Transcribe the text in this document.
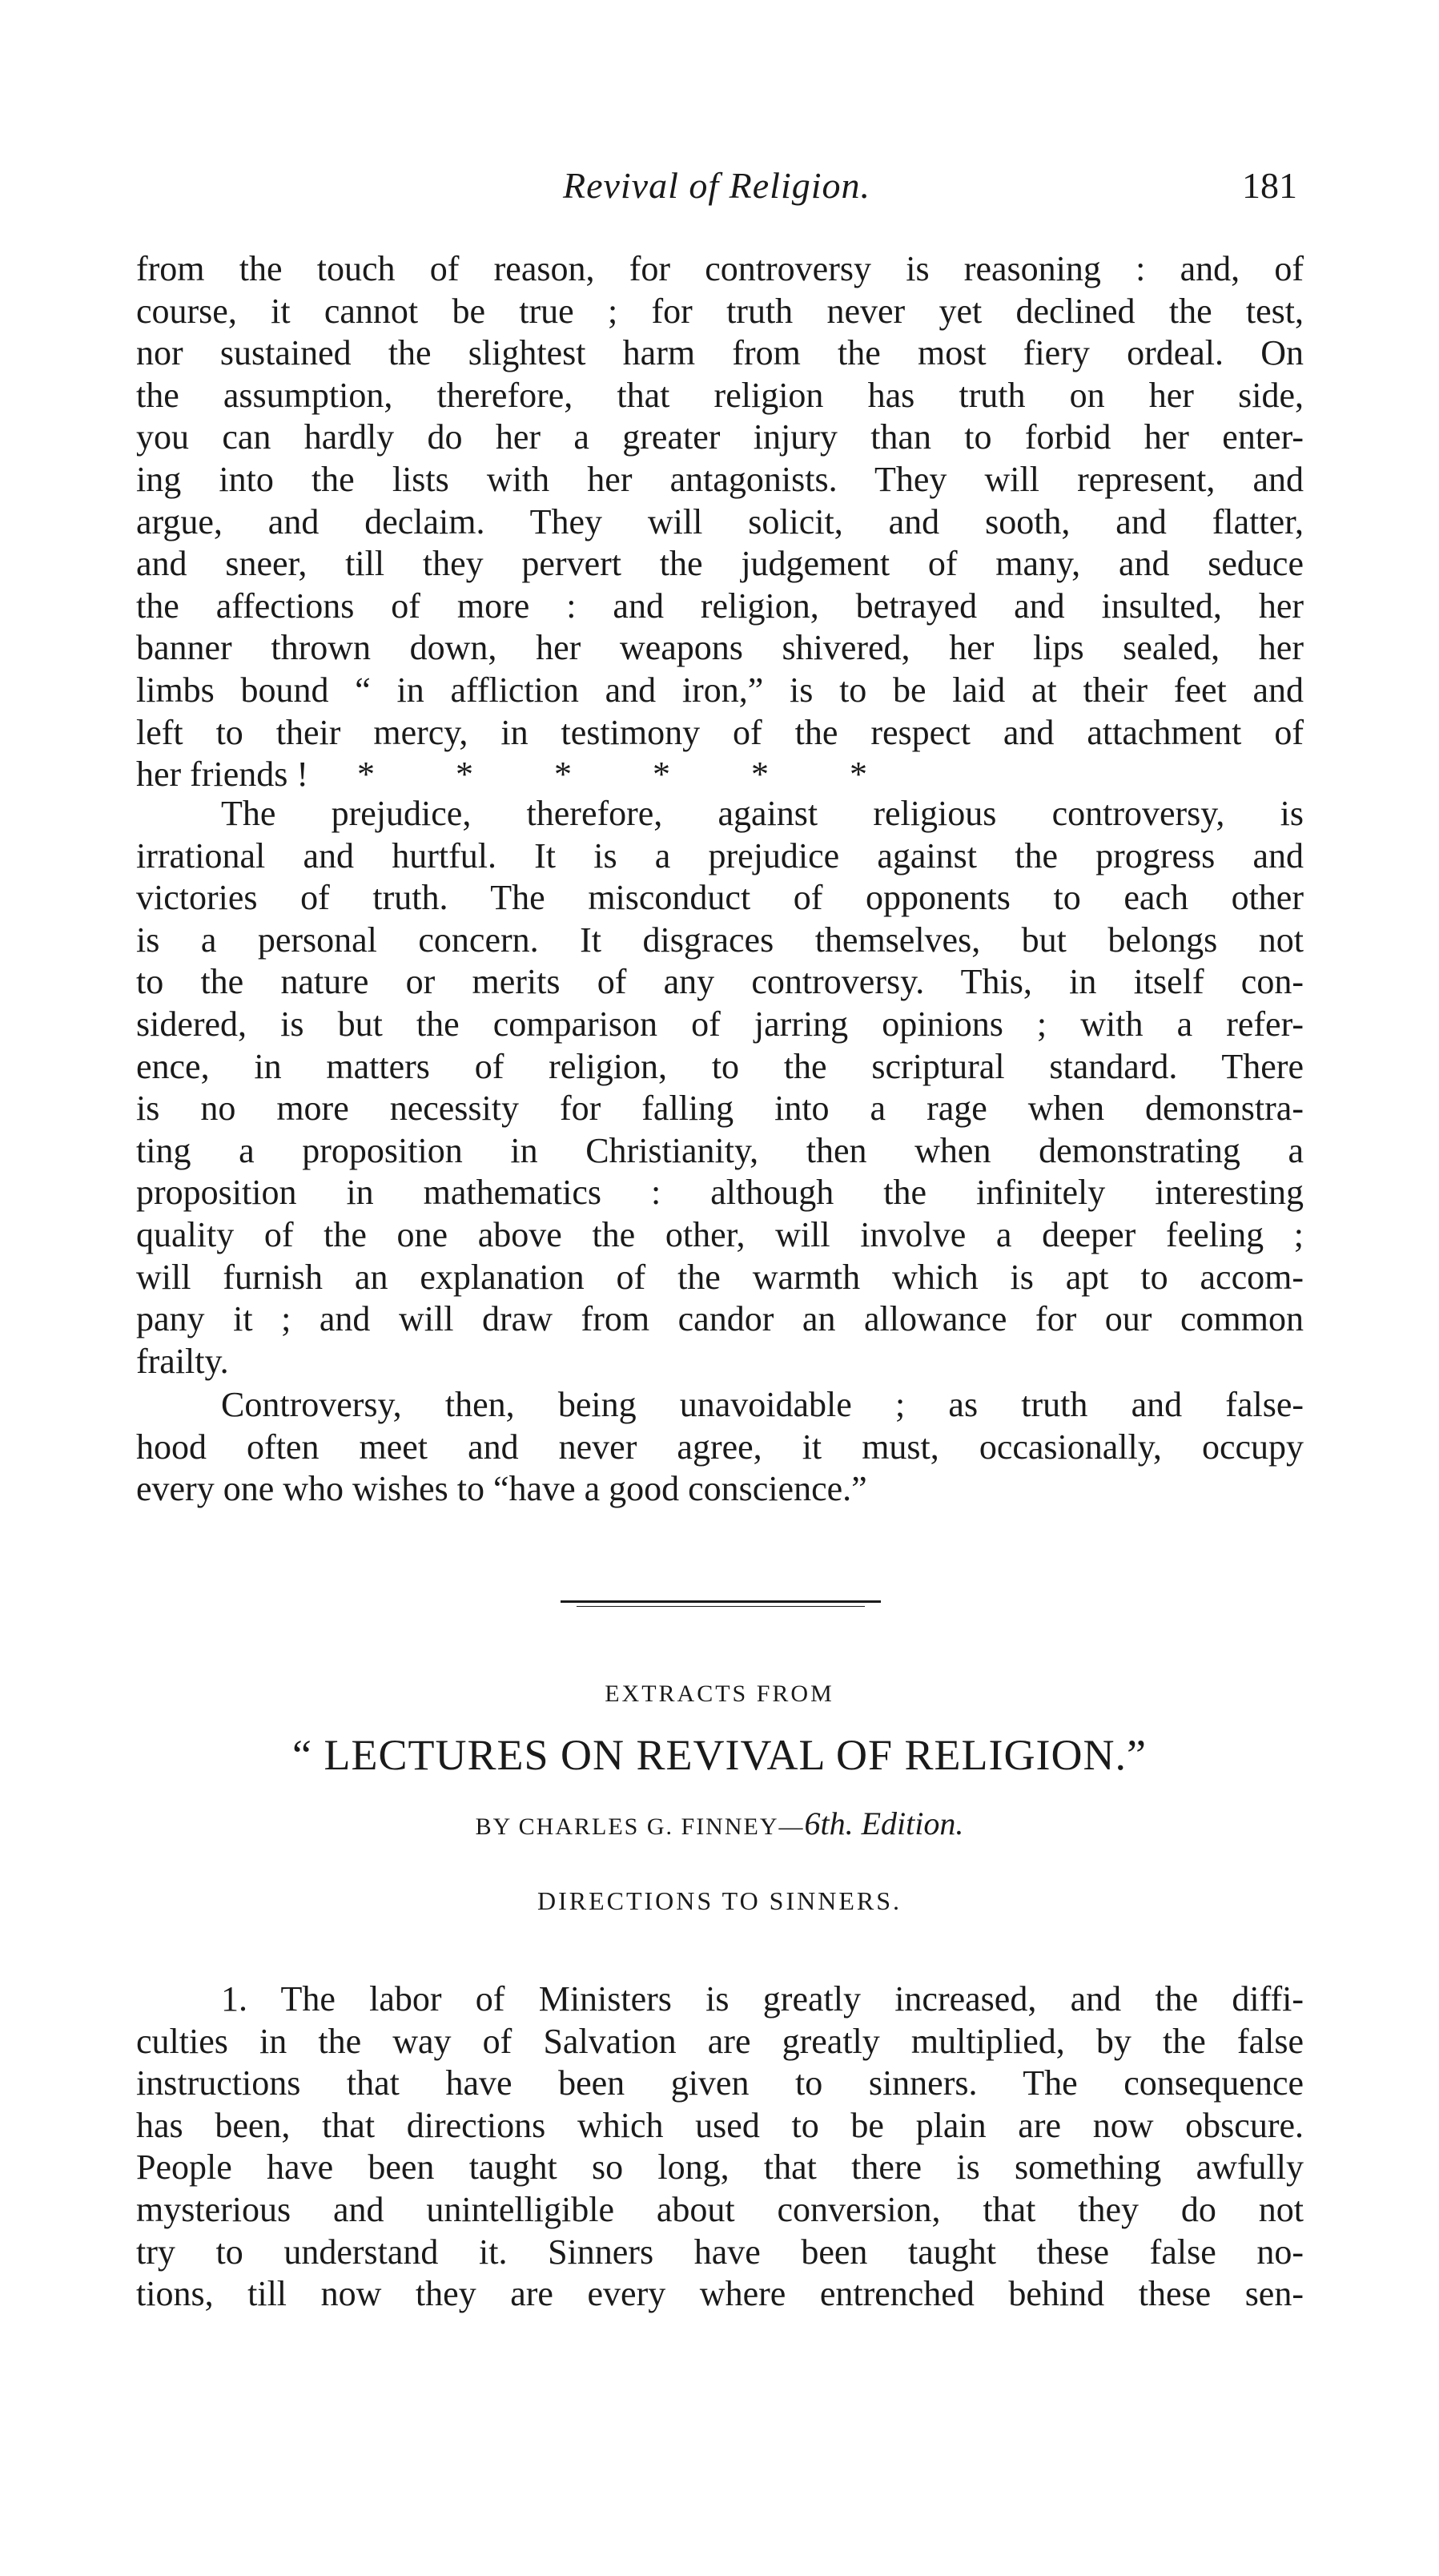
Revival of Religion.	181
from the touch of reason, for controversy is reasoning : and, of
course, it cannot be true ; for truth never yet declined the test,
nor sustained the slightest harm from the most fiery ordeal. On
the assumption, therefore, that religion has truth on her side,
you can hardly do her a greater injury than to forbid her enter-
ing into the lists with her antagonists. They will represent, and
argue, and declaim. They will solicit, and sooth, and flatter,
and sneer, till they pervert the judgement of many, and seduce
the affections of more : and religion, betrayed and insulted, her
banner thrown down, her weapons shivered, her lips sealed, her
limbs bound “ in affliction and iron,” is to be laid at their feet and
left to their mercy, in testimony of the respect and attachment of
her friends ! * * * * * *
The prejudice, therefore, against religious controversy, is
irrational and hurtful. It is a prejudice against the progress and
victories of truth. The misconduct of opponents to each other
is a personal concern. It disgraces themselves, but belongs not
to the nature or merits of any controversy. This, in itself con-
sidered, is but the comparison of jarring opinions ; with a refer-
ence, in matters of religion, to the scriptural standard. There
is no more necessity for falling into a rage when demonstra-
ting a proposition in Christianity, then when demonstrating a
proposition in mathematics : although the infinitely interesting
quality of the one above the other, will involve a deeper feeling ;
will furnish an explanation of the warmth which is apt to accom-
pany it ; and will draw from candor an allowance for our common
frailty.
Controversy, then, being unavoidable ; as truth and false-
hood often meet and never agree, it must, occasionally, occupy
every one who wishes to “have a good conscience.”
EXTRACTS FROM
“ LECTURES ON REVIVAL OF RELIGION.”
BY CHARLES G. FINNEY—6th. Edition.
DIRECTIONS TO SINNERS.
1. The labor of Ministers is greatly increased, and the diffi-
culties in the way of Salvation are greatly multiplied, by the false
instructions that have been given to sinners. The consequence
has been, that directions which used to be plain are now obscure.
People have been taught so long, that there is something awfully
mysterious and unintelligible about conversion, that they do not
try to understand it. Sinners have been taught these false no-
tions, till now they are every where entrenched behind these sen-
